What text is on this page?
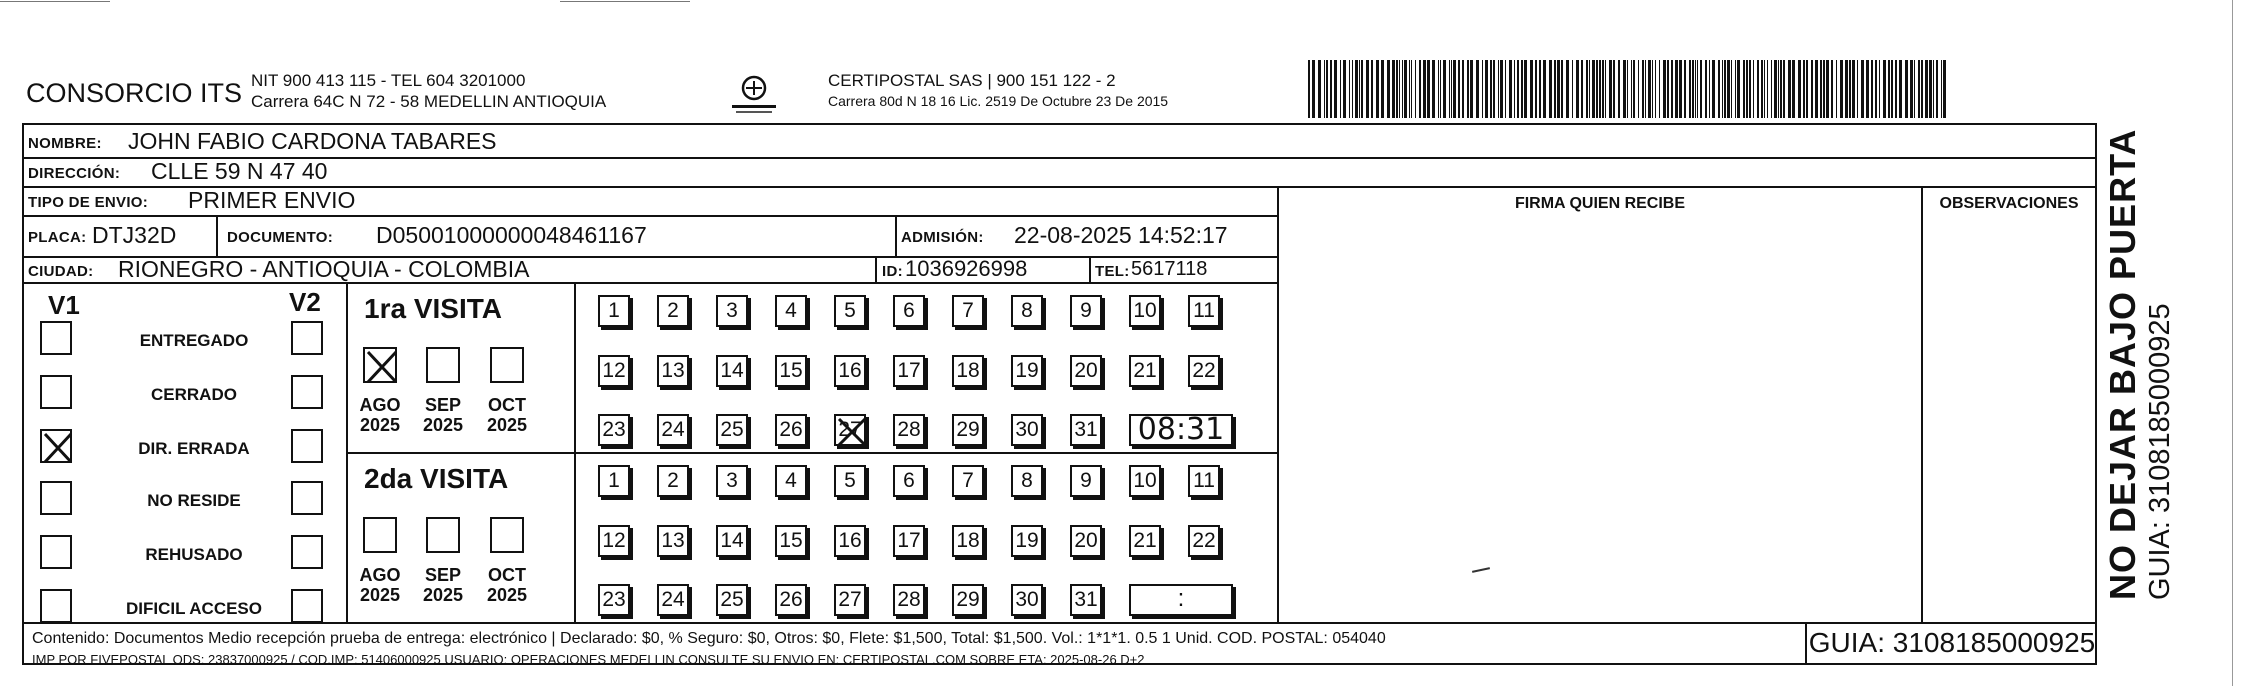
CONSORCIO ITS NIT 900 413 115 - TEL 604 3201000
Carrera 64C N 72 - 58 MEDELLIN ANTIOQUIA
CERTIPOSTAL SAS | 900 151 122 - 2
Carrera 80d N 18 16 Lic. 2519 De Octubre 23 De 2015
NOMBRE: JOHN FABIO CARDONA TABARES
DIRECCIÓN: CLLE 59 N 47 40
TIPO DE ENVIO: PRIMER ENVIO	FIRMA QUIEN RECIBE	OBSERVACIONES
PLACA: DTJ32D	DOCUMENTO: D05001000000048461167	ADMISIÓN: 22-08-2025 14:52:17
CIUDAD: RIONEGRO - ANTIOQUIA - COLOMBIA	ID: 1036926998	TEL: 5617118
V1	V2
ENTREGADO
CERRADO
DIR. ERRADA
NO RESIDE
REHUSADO
DIFICIL ACCESO
1ra VISITA
2da VISITA
AGO
2025
SEP
2025
OCT
2025
AGO
2025
SEP
2025
OCT
2025
1	2	3	4	5	6	7	8	9	10 11
12 13 14 15 16 17 18 19 20 21 22
23 24 25 26 27 28 29 30 31 08:31
1	2	3	4	5	6	7	8	9	10 11
12 13 14 15 16 17 18 19 20 21 22
23 24 25 26 27 28 29 30 31	:
Contenido: Documentos Medio recepción prueba de entrega: electrónico | Declarado: $0, % Seguro: $0, Otros: $0, Flete: $1,500, Total: $1,500. Vol.: 1*1*1. 0.5 1 Unid. COD. POSTAL: 054040
IMP POR FIVEPOSTAL ODS: 23837000925 / COD.IMP: 51406000925 USUARIO: OPERACIONES MEDELLIN CONSULTE SU ENVIO EN: CERTIPOSTAL.COM SOBRE ETA: 2025-08-26 D+2
GUIA: 3108185000925
NO DEJAR BAJO PUERTA GUIA: 3108185000925
